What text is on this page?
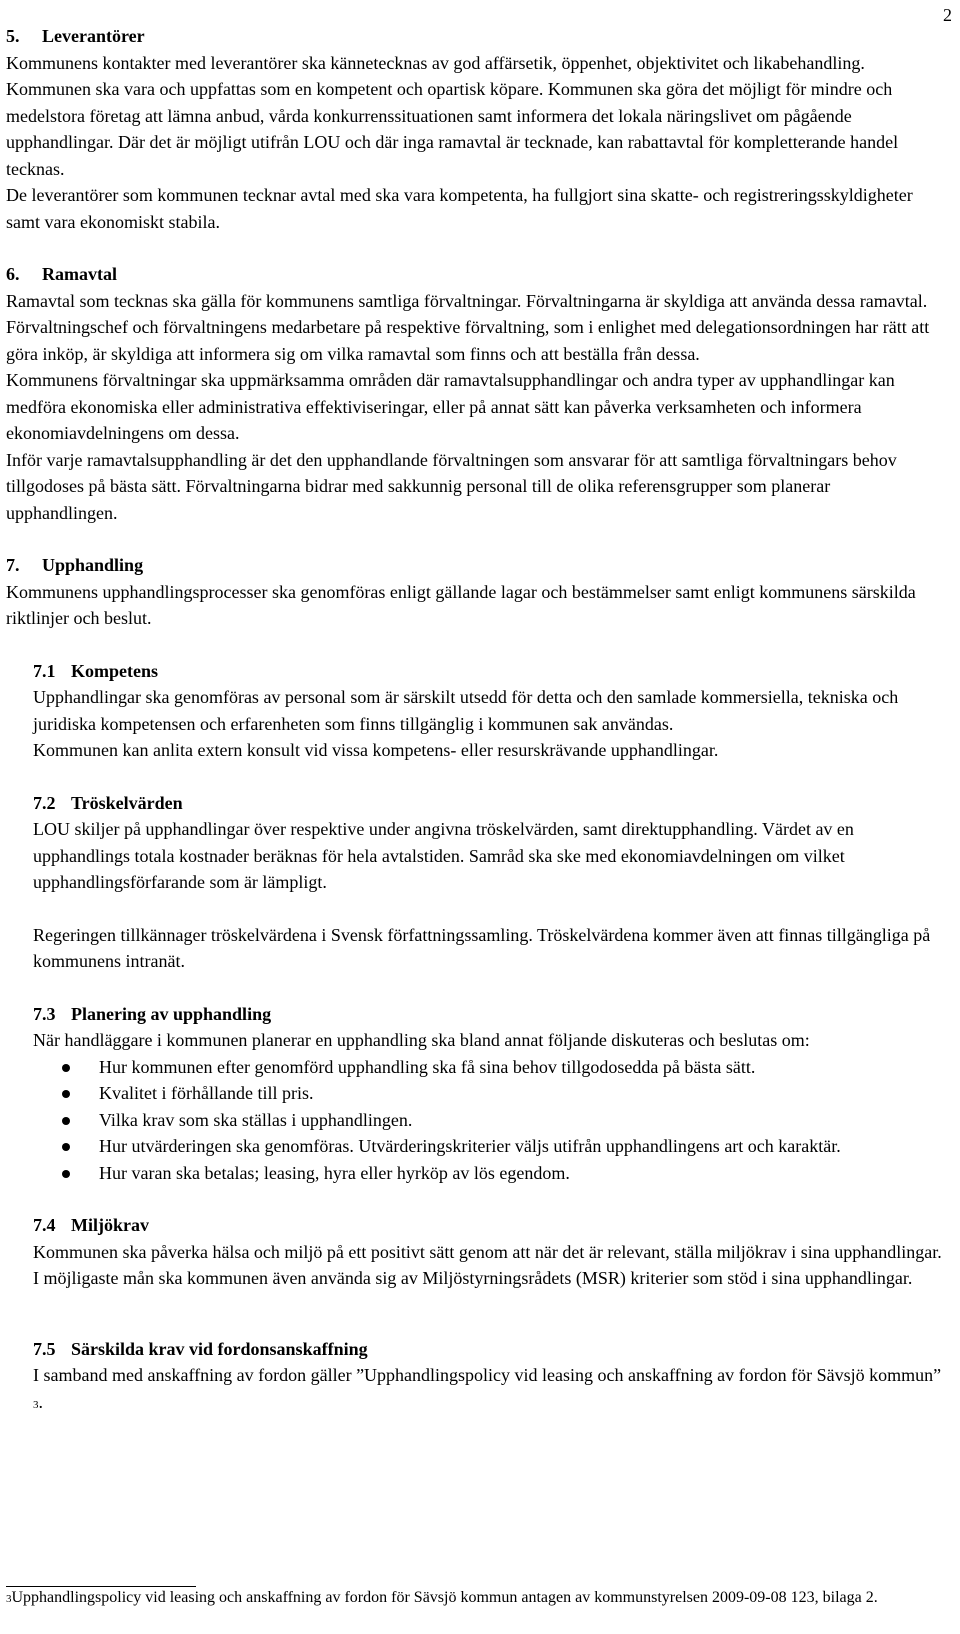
2
5. Leverantörer

Kommunens kontakter med leverantörer ska kännetecknas av god affärsetik, öppenhet, objektivitet och likabehandling. Kommunen ska vara och uppfattas som en kompetent och opartisk köpare. Kommunen ska göra det möjligt för mindre och medelstora företag att lämna anbud, vårda konkurrenssituationen samt informera det lokala näringslivet om pågående upphandlingar. Där det är möjligt utifrån LOU och där inga ramavtal är tecknade, kan rabattavtal för kompletterande handel tecknas.

De leverantörer som kommunen tecknar avtal med ska vara kompetenta, ha fullgjort sina skatte- och registreringsskyldigheter samt vara ekonomiskt stabila.

6. Ramavtal

Ramavtal som tecknas ska gälla för kommunens samtliga förvaltningar. Förvaltningarna är skyldiga att använda dessa ramavtal. Förvaltningschef och förvaltningens medarbetare på respektive förvaltning, som i enlighet med delegationsordningen har rätt att göra inköp, är skyldiga att informera sig om vilka ramavtal som finns och att beställa från dessa.

Kommunens förvaltningar ska uppmärksamma områden där ramavtalsupphandlingar och andra typer av upphandlingar kan medföra ekonomiska eller administrativa effektiviseringar, eller på annat sätt kan påverka verksamheten och informera ekonomiavdelningens om dessa.

Inför varje ramavtalsupphandling är det den upphandlande förvaltningen som ansvarar för att samtliga förvaltningars behov tillgodoses på bästa sätt. Förvaltningarna bidrar med sakkunnig personal till de olika referensgrupper som planerar upphandlingen.

7. Upphandling

Kommunens upphandlingsprocesser ska genomföras enligt gällande lagar och bestämmelser samt enligt kommunens särskilda riktlinjer och beslut.

7.1 Kompetens

Upphandlingar ska genomföras av personal som är särskilt utsedd för detta och den samlade kommersiella, tekniska och juridiska kompetensen och erfarenheten som finns tillgänglig i kommunen sak användas.

Kommunen kan anlita extern konsult vid vissa kompetens- eller resurskrävande upphandlingar.

7.2 Tröskelvärden

LOU skiljer på upphandlingar över respektive under angivna tröskelvärden, samt direktupphandling. Värdet av en upphandlings totala kostnader beräknas för hela avtalstiden. Samråd ska ske med ekonomiavdelningen om vilket upphandlingsförfarande som är lämpligt.

Regeringen tillkännager tröskelvärdena i Svensk författningssamling. Tröskelvärdena kommer även att finnas tillgängliga på kommunens intranät.

7.3 Planering av upphandling

När handläggare i kommunen planerar en upphandling ska bland annat följande diskuteras och beslutas om:

Hur kommunen efter genomförd upphandling ska få sina behov tillgodosedda på bästa sätt.
Kvalitet i förhållande till pris.
Vilka krav som ska ställas i upphandlingen.
Hur utvärderingen ska genomföras. Utvärderingskriterier väljs utifrån upphandlingens art och karaktär.
Hur varan ska betalas; leasing, hyra eller hyrköp av lös egendom.
7.4 Miljökrav

Kommunen ska påverka hälsa och miljö på ett positivt sätt genom att när det är relevant, ställa miljökrav i sina upphandlingar. I möjligaste mån ska kommunen även använda sig av Miljöstyrningsrådets (MSR) kriterier som stöd i sina upphandlingar.

7.5 Särskilda krav vid fordonsanskaffning

I samband med anskaffning av fordon gäller ”Upphandlingspolicy vid leasing och anskaffning av fordon för Sävsjö kommun” 3.

3Upphandlingspolicy vid leasing och anskaffning av fordon för Sävsjö kommun antagen av kommunstyrelsen 2009-09-08 123, bilaga 2.
